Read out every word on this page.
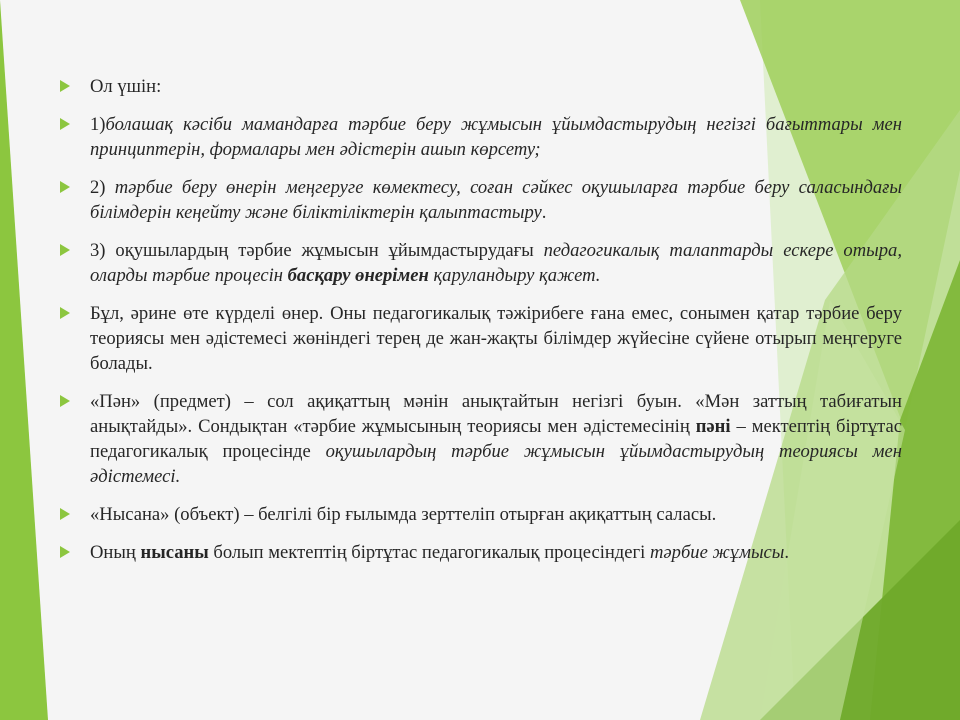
Ол үшін:
1)болашақ кәсіби мамандарға тәрбие беру жұмысын ұйымдастырудың негізгі бағыттары мен принциптерін, формалары мен әдістерін ашып көрсету;
2) тәрбие беру өнерін меңгеруге көмектесу, соған сәйкес оқушыларға тәрбие беру саласындағы білімдерін кеңейту және біліктіліктерін қалыптастыру.
3) оқушылардың тәрбие жұмысын ұйымдастырудағы педагогикалық талаптарды ескере отыра, оларды тәрбие процесін басқару өнерімен қаруландыру қажет.
Бұл, әрине өте күрделі өнер. Оны педагогикалық тәжірибеге ғана емес, сонымен қатар тәрбие беру теориясы мен әдістемесі жөніндегі терең де жан-жақты білімдер жүйесіне сүйене отырып меңгеруге болады.
«Пән» (предмет) – сол ақиқаттың мәнін анықтайтын негізгі буын. «Мән заттың табиғатын анықтайды». Сондықтан «тәрбие жұмысының теориясы мен әдістемесінің пәні – мектептің біртұтас педагогикалық процесінде оқушылардың тәрбие жұмысын ұйымдастырудың теориясы мен әдістемесі.
«Нысана» (объект) – белгілі бір ғылымда зерттеліп отырған ақиқаттың саласы.
Оның нысаны болып мектептің біртұтас педагогикалық процесіндегі тәрбие жұмысы.
